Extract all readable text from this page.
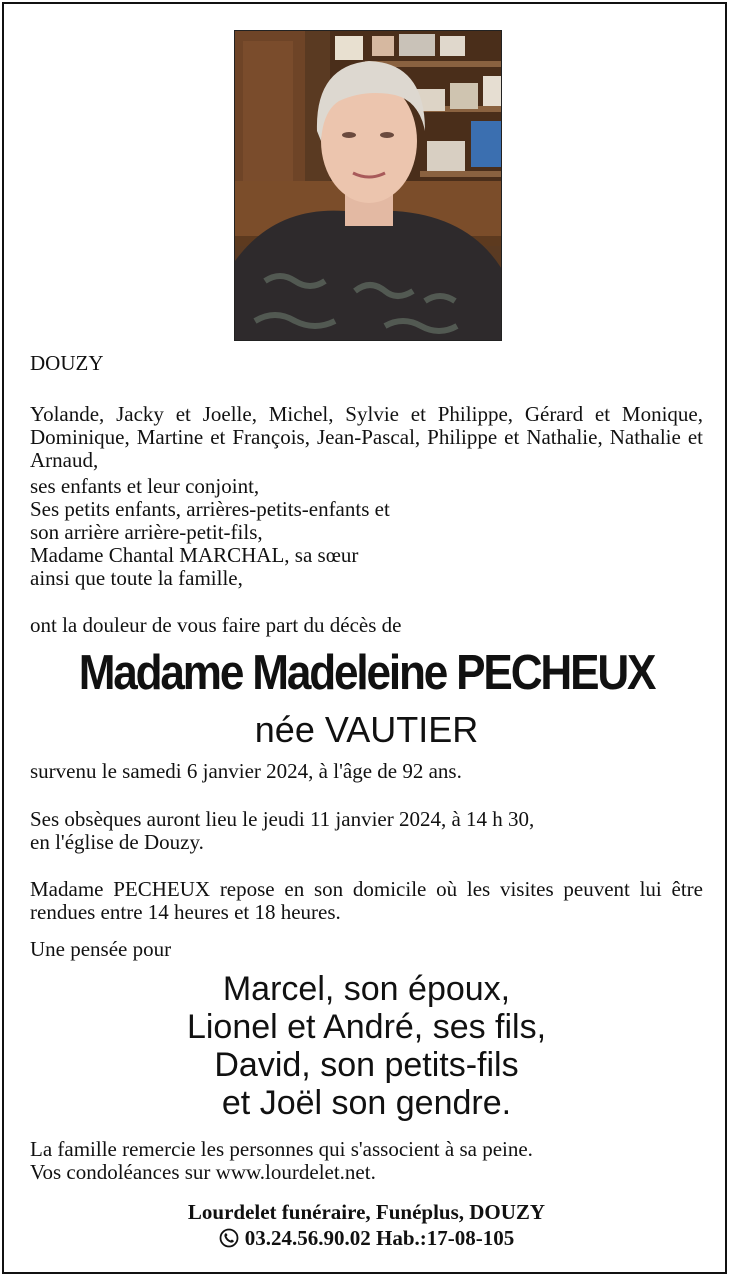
DOUZY
Yolande, Jacky et Joelle, Michel, Sylvie et Philippe, Gérard et Monique, Dominique, Martine et François, Jean-Pascal, Philippe et Nathalie, Nathalie et Arnaud,
ses enfants et leur conjoint,
Ses petits enfants, arrières-petits-enfants et
son arrière arrière-petit-fils,
Madame Chantal MARCHAL, sa sœur
ainsi que toute la famille,
ont la douleur de vous faire part du décès de
Madame Madeleine PECHEUX
née VAUTIER
survenu le samedi 6 janvier 2024, à l'âge de 92 ans.
Ses obsèques auront lieu le jeudi 11 janvier 2024, à 14 h 30,
en l'église de Douzy.
Madame PECHEUX repose en son domicile où les visites peuvent lui être rendues entre 14 heures et 18 heures.
Une pensée pour
Marcel, son époux,
Lionel et André, ses fils,
David, son petits-fils
et Joël son gendre.
La famille remercie les personnes qui s'associent à sa peine.
Vos condoléances sur www.lourdelet.net.
Lourdelet funéraire, Funéplus, DOUZY
03.24.56.90.02 Hab.:17-08-105
